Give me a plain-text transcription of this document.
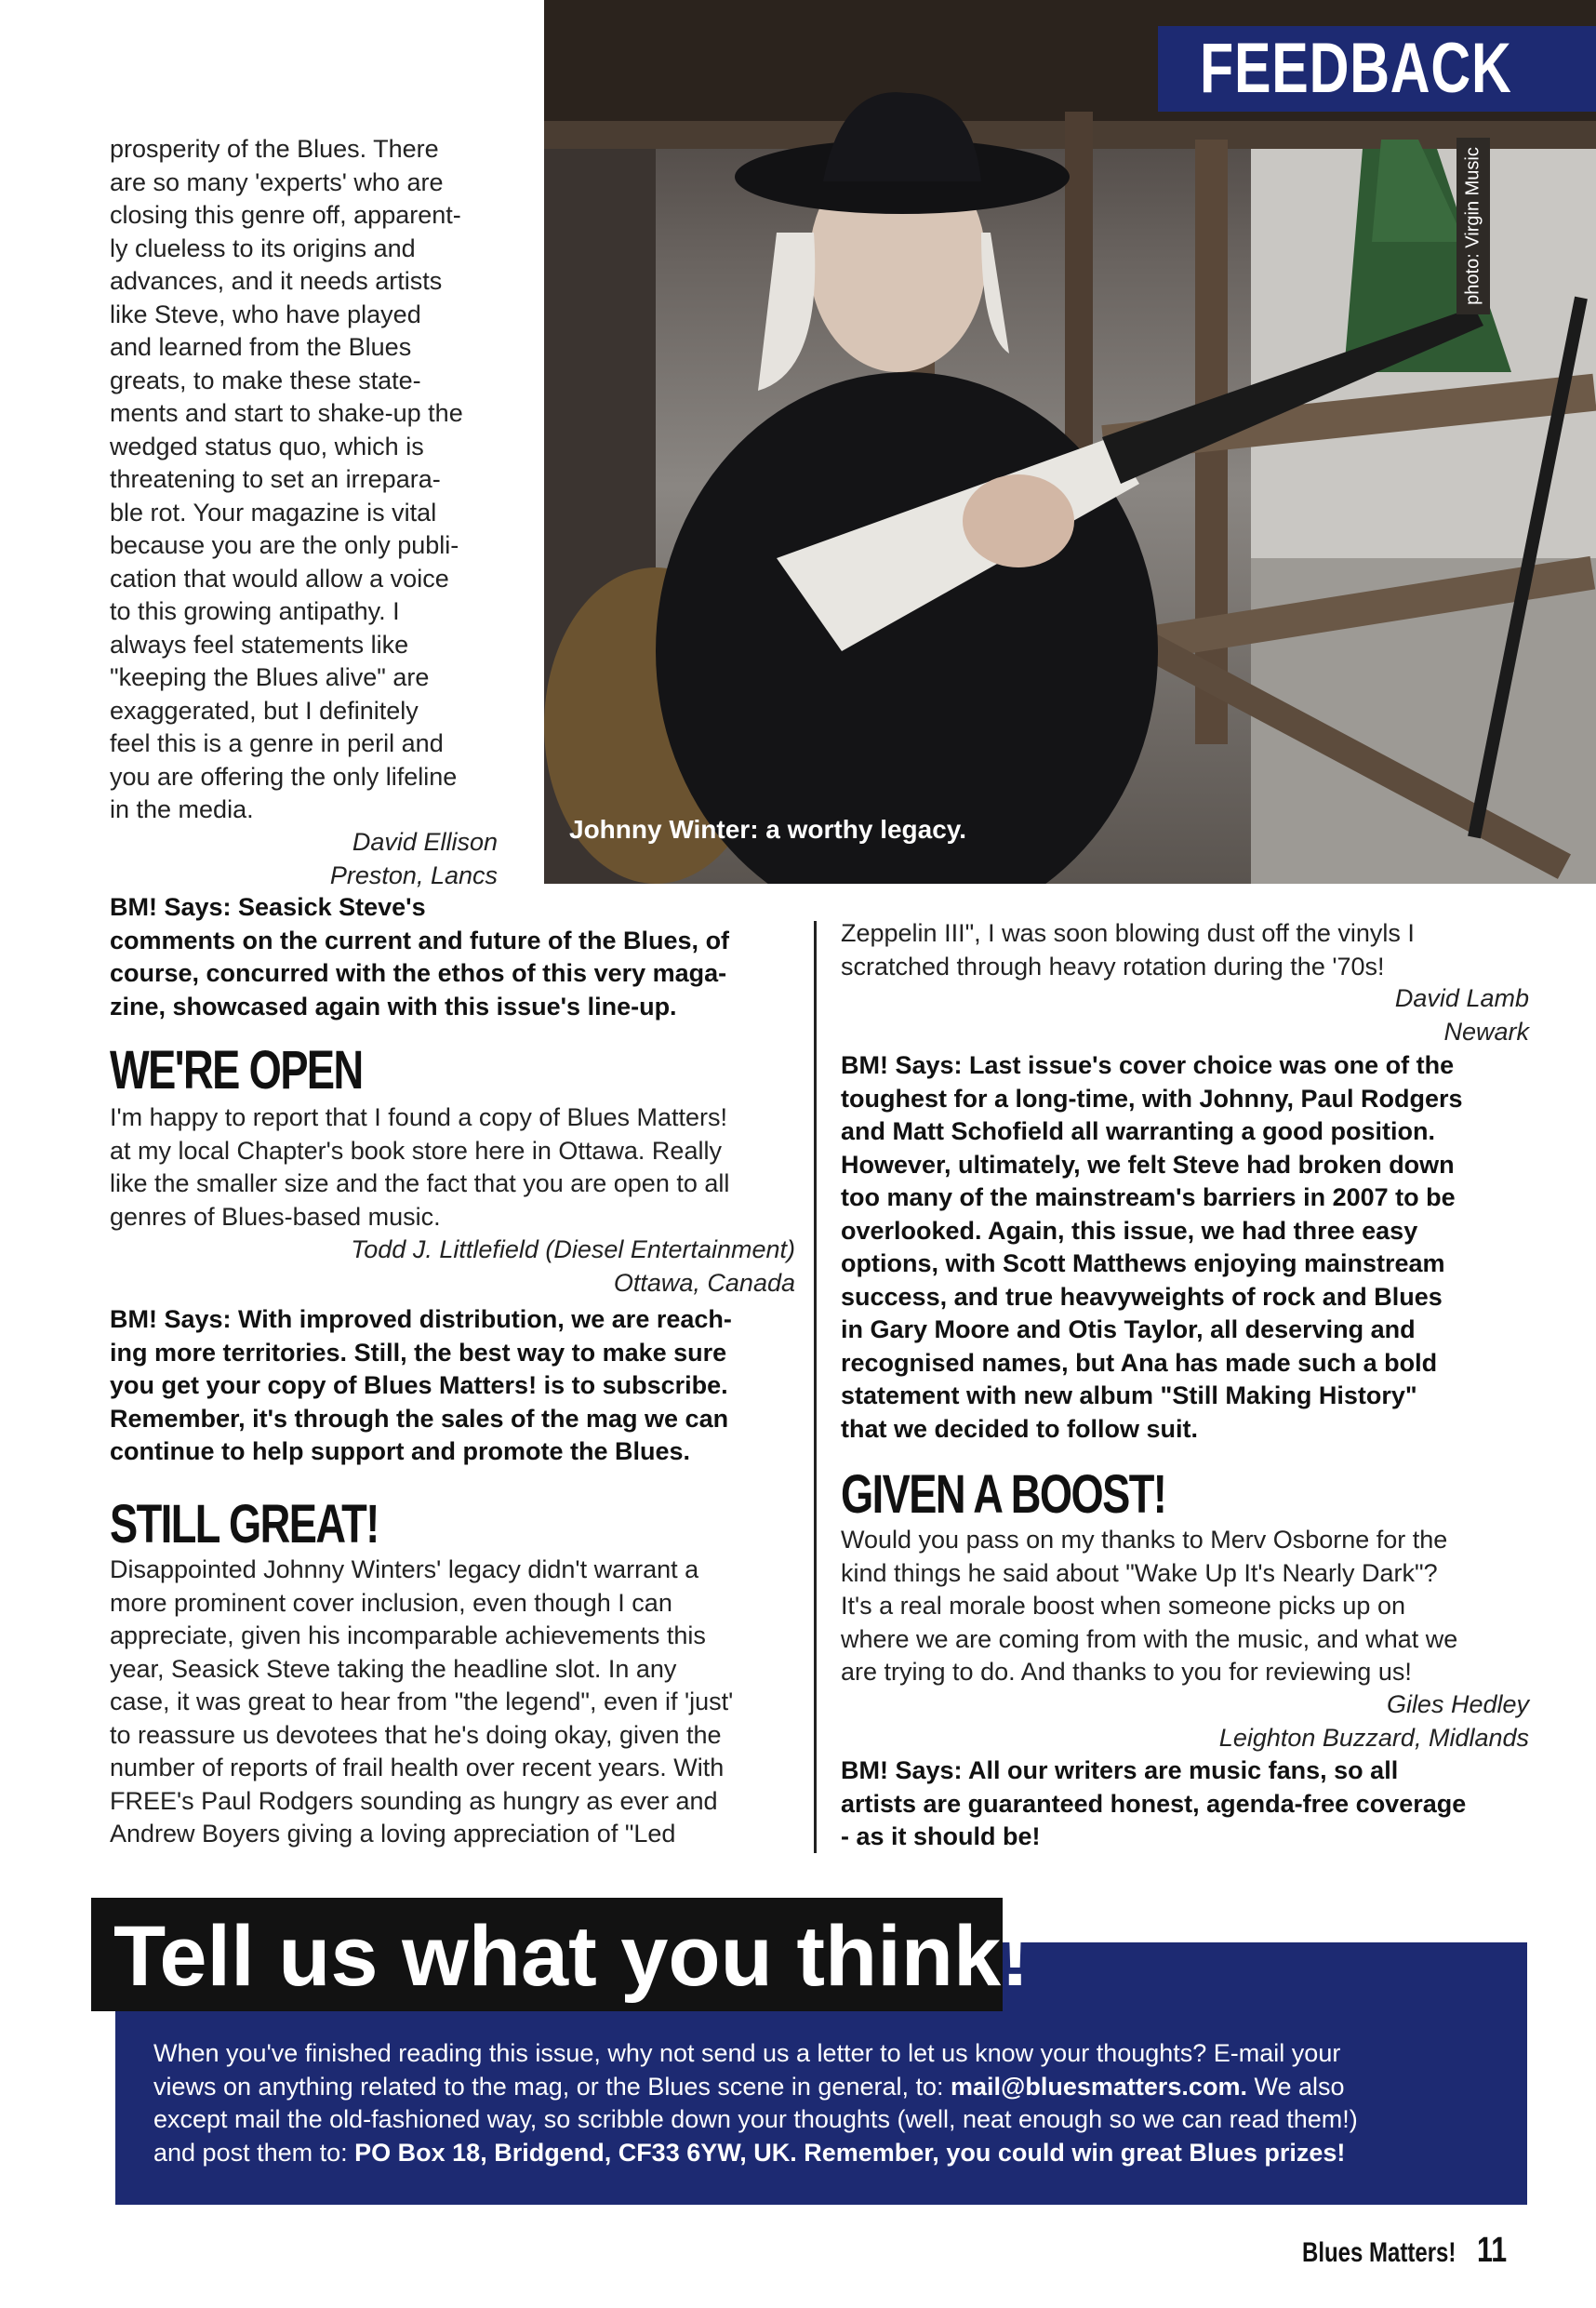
FEEDBACK
photo: Virgin Music
Johnny Winter: a worthy legacy.
prosperity of the Blues. There
are so many 'experts' who are
closing this genre off, apparent-
ly clueless to its origins and
advances, and it needs artists
like Steve, who have played
and learned from the Blues
greats, to make these state-
ments and start to shake-up the
wedged status quo, which is
threatening to set an irrepara-
ble rot. Your magazine is vital
because you are the only publi-
cation that would allow a voice
to this growing antipathy. I
always feel statements like
"keeping the Blues alive" are
exaggerated, but I definitely
feel this is a genre in peril and
you are offering the only lifeline
in the media.
David Ellison
Preston, Lancs
BM! Says: Seasick Steve's
comments on the current and future of the Blues, of
course, concurred with the ethos of this very maga-
zine, showcased again with this issue's line-up.
WE'RE OPEN
I'm happy to report that I found a copy of Blues Matters!
at my local Chapter's book store here in Ottawa. Really
like the smaller size and the fact that you are open to all
genres of Blues-based music.
Todd J. Littlefield (Diesel Entertainment)
Ottawa, Canada
BM! Says: With improved distribution, we are reach-
ing more territories. Still, the best way to make sure
you get your copy of Blues Matters! is to subscribe.
Remember, it's through the sales of the mag we can
continue to help support and promote the Blues.
STILL GREAT!
Disappointed Johnny Winters' legacy didn't warrant a
more prominent cover inclusion, even though I can
appreciate, given his incomparable achievements this
year, Seasick Steve taking the headline slot. In any
case, it was great to hear from "the legend", even if 'just'
to reassure us devotees that he's doing okay, given the
number of reports of frail health over recent years. With
FREE's Paul Rodgers sounding as hungry as ever and
Andrew Boyers giving a loving appreciation of "Led
Zeppelin III", I was soon blowing dust off the vinyls I
scratched through heavy rotation during the '70s!
David Lamb
Newark
BM! Says: Last issue's cover choice was one of the
toughest for a long-time, with Johnny, Paul Rodgers
and Matt Schofield all warranting a good position.
However, ultimately, we felt Steve had broken down
too many of the mainstream's barriers in 2007 to be
overlooked. Again, this issue, we had three easy
options, with Scott Matthews enjoying mainstream
success, and true heavyweights of rock and Blues
in Gary Moore and Otis Taylor, all deserving and
recognised names, but Ana has made such a bold
statement with new album "Still Making History"
that we decided to follow suit.
GIVEN A BOOST!
Would you pass on my thanks to Merv Osborne for the
kind things he said about "Wake Up It's Nearly Dark"?
It's a real morale boost when someone picks up on
where we are coming from with the music, and what we
are trying to do. And thanks to you for reviewing us!
Giles Hedley
Leighton Buzzard, Midlands
BM! Says: All our writers are music fans, so all
artists are guaranteed honest, agenda-free coverage
- as it should be!
Tell us what you think!
When you've finished reading this issue, why not send us a letter to let us know your thoughts? E-mail your
views on anything related to the mag, or the Blues scene in general, to: mail@bluesmatters.com. We also
except mail the old-fashioned way, so scribble down your thoughts (well, neat enough so we can read them!)
and post them to: PO Box 18, Bridgend, CF33 6YW, UK. Remember, you could win great Blues prizes!
Blues Matters! 11
